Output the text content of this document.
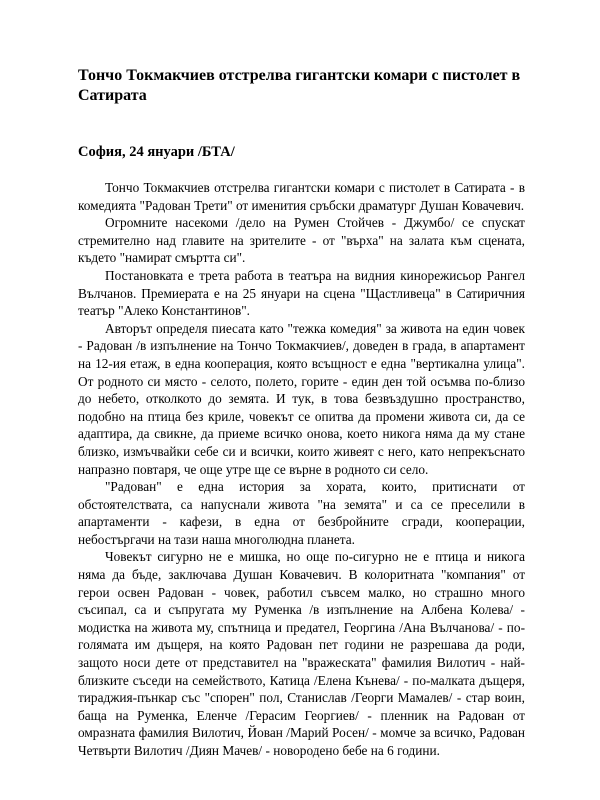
Тончо Токмакчиев отстрелва гигантски комари с пистолет в Сатирата
София, 24 януари /БТА/

Тончо Токмакчиев отстрелва гигантски комари с пистолет в Сатирата - в комедията "Радован Трети" от именития сръбски драматург Душан Ковачевич.

Огромните насекоми /дело на Румен Стойчев - Джумбо/ се спускат стремително над главите на зрителите - от "върха" на залата към сцената, където "намират смъртта си".

Постановката е трета работа в театъра на видния кинорежисьор Рангел Вълчанов. Премиерата е на 25 януари на сцена "Щастливеца" в Сатиричния театър "Алеко Константинов".

Авторът определя пиесата като "тежка комедия" за живота на един човек - Радован /в изпълнение на Тончо Токмакчиев/, доведен в града, в апартамент на 12-ия етаж, в една кооперация, която всъщност е една "вертикална улица". От родното си място - селото, полето, горите - един ден той осъмва по-близо до небето, отколкото до земята. И тук, в това безвъздушно пространство, подобно на птица без криле, човекът се опитва да промени живота си, да се адаптира, да свикне, да приеме всичко онова, което никога няма да му стане близко, измъчвайки себе си и всички, които живеят с него, като непрекъснато напразно повтаря, че още утре ще се върне в родното си село.

"Радован" е една история за хората, които, притиснати от обстоятелствата, са напуснали живота "на земята" и са се преселили в апартаменти - кафези, в една от безбройните сгради, кооперации, небостъргачи на тази наша многолюдна планета.

Човекът сигурно не е мишка, но още по-сигурно не е птица и никога няма да бъде, заключава Душан Ковачевич. В колоритната "компания" от герои освен Радован - човек, работил съвсем малко, но страшно много съсипал, са и съпругата му Руменка /в изпълнение на Албена Колева/ - модистка на живота му, спътница и предател, Георгина /Ана Вълчанова/ - по-голямата им дъщеря, на която Радован пет години не разрешава да роди, защото носи дете от представител на "вражеската" фамилия Вилотич - най-близките съседи на семейството, Катица /Елена Кънева/ - по-малката дъщеря, тираджия-пънкар със "спорен" пол, Станислав /Георги Мамалев/ - стар воин, баща на Руменка, Еленче /Герасим Георгиев/ - пленник на Радован от омразната фамилия Вилотич, Йован /Марий Росен/ - момче за всичко, Радован Четвърти Вилотич /Диян Мачев/ - новородено бебе на 6 години.
